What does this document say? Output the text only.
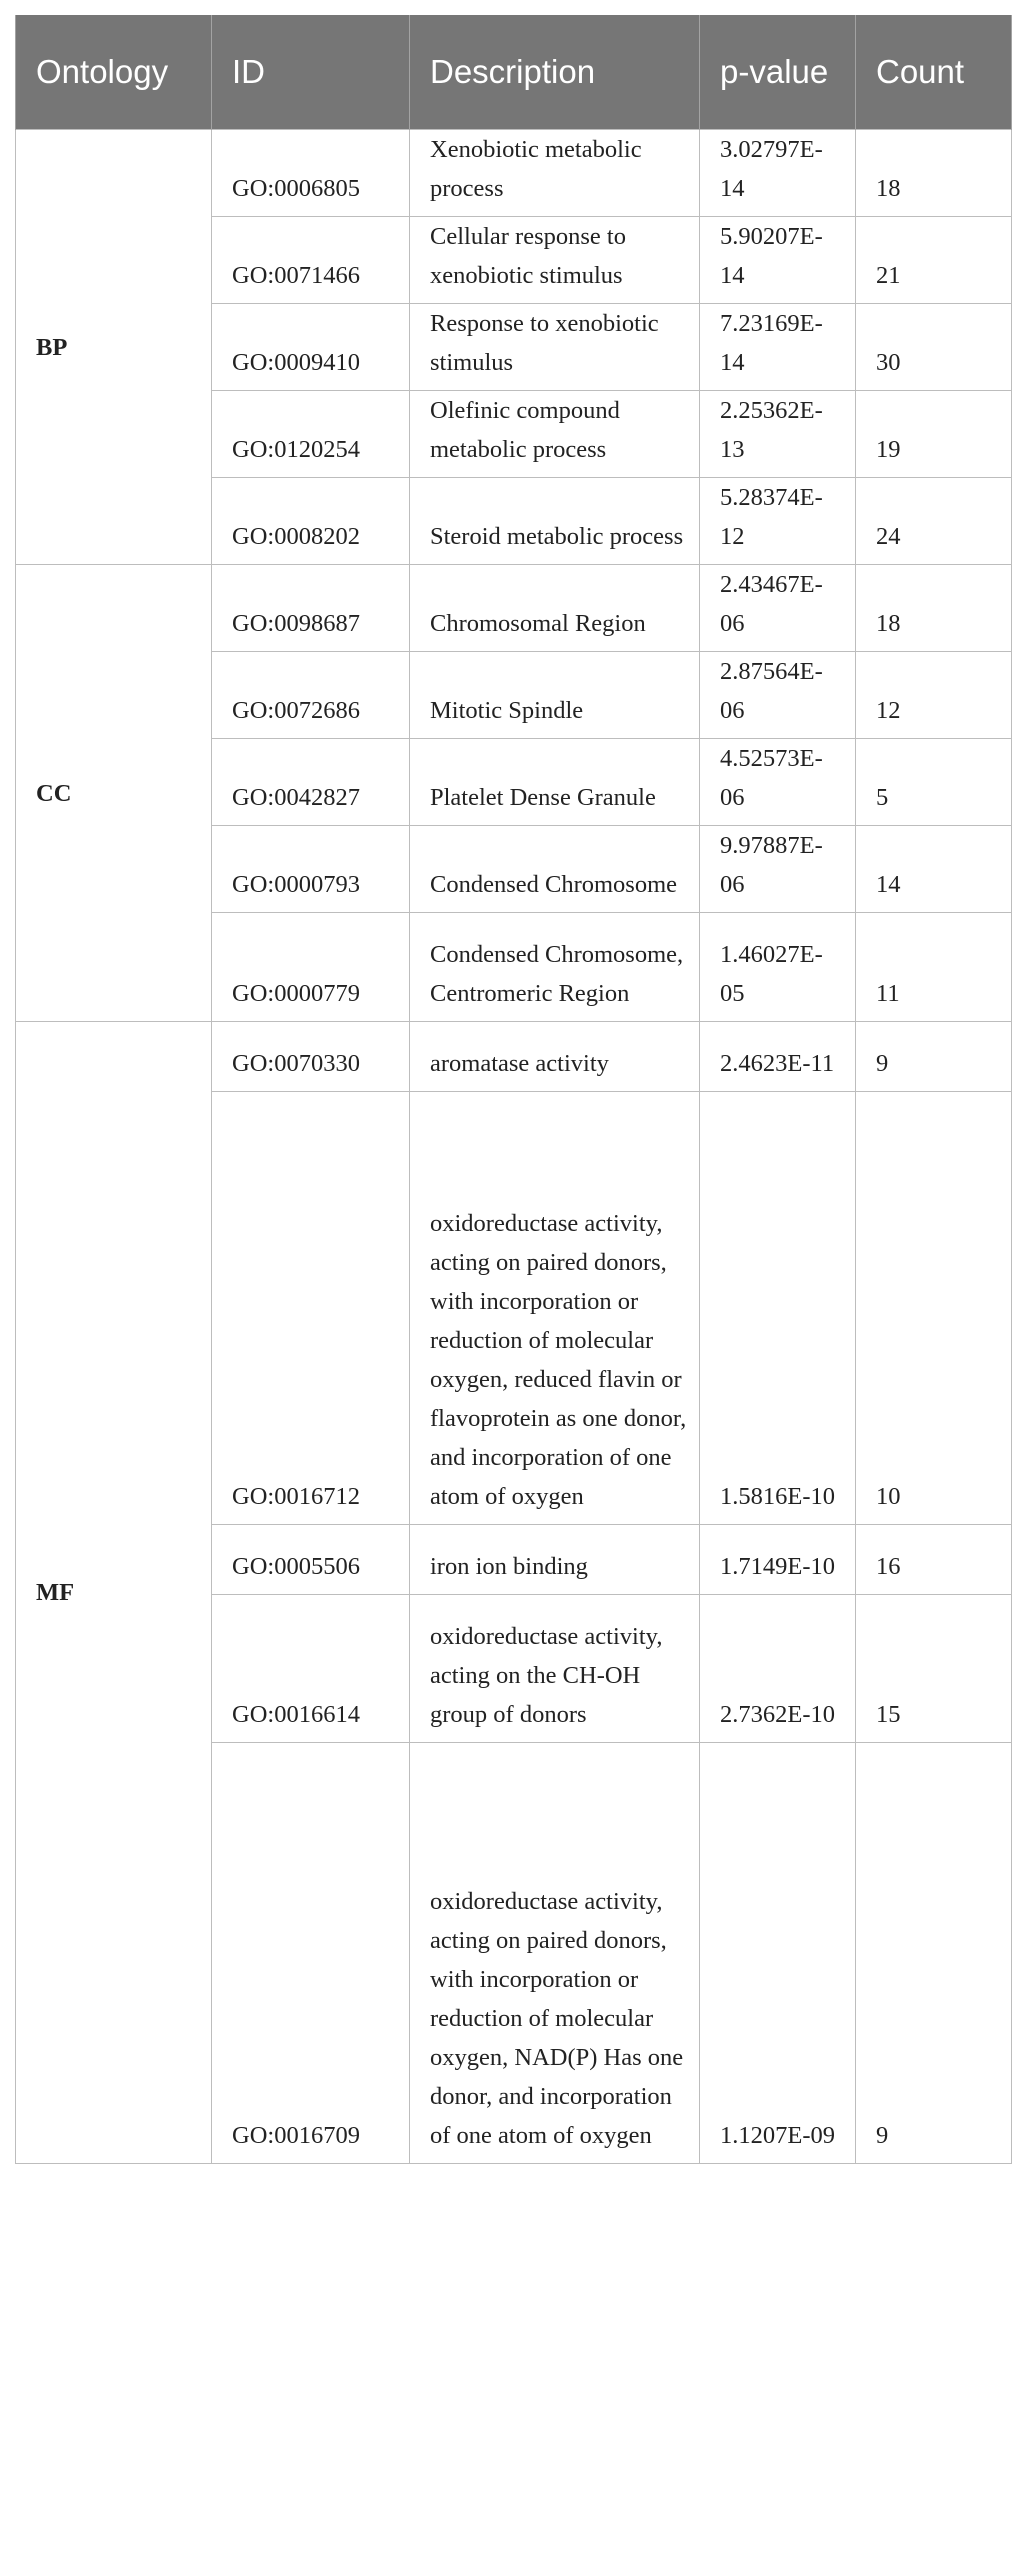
Ontology	ID	Description	p-value	Count
BP	GO:0006805	Xenobiotic metabolic process	3.02797E-14	18
	GO:0071466	Cellular response to xenobiotic stimulus	5.90207E-14	21
	GO:0009410	Response to xenobiotic stimulus	7.23169E-14	30
	GO:0120254	Olefinic compound metabolic process	2.25362E-13	19
	GO:0008202	Steroid metabolic process	5.28374E-12	24
CC	GO:0098687	Chromosomal Region	2.43467E-06	18
	GO:0072686	Mitotic Spindle	2.87564E-06	12
	GO:0042827	Platelet Dense Granule	4.52573E-06	5
	GO:0000793	Condensed Chromosome	9.97887E-06	14
	GO:0000779	Condensed Chromosome, Centromeric Region	1.46027E-05	11
MF	GO:0070330	aromatase activity	2.4623E-11	9
	GO:0016712	oxidoreductase activity, acting on paired donors, with incorporation or reduction of molecular oxygen, reduced flavin or flavoprotein as one donor, and incorporation of one atom of oxygen	1.5816E-10	10
	GO:0005506	iron ion binding	1.7149E-10	16
	GO:0016614	oxidoreductase activity, acting on the CH-OH group of donors	2.7362E-10	15
	GO:0016709	oxidoreductase activity, acting on paired donors, with incorporation or reduction of molecular oxygen, NAD(P) Has one donor, and incorporation of one atom of oxygen	1.1207E-09	9
